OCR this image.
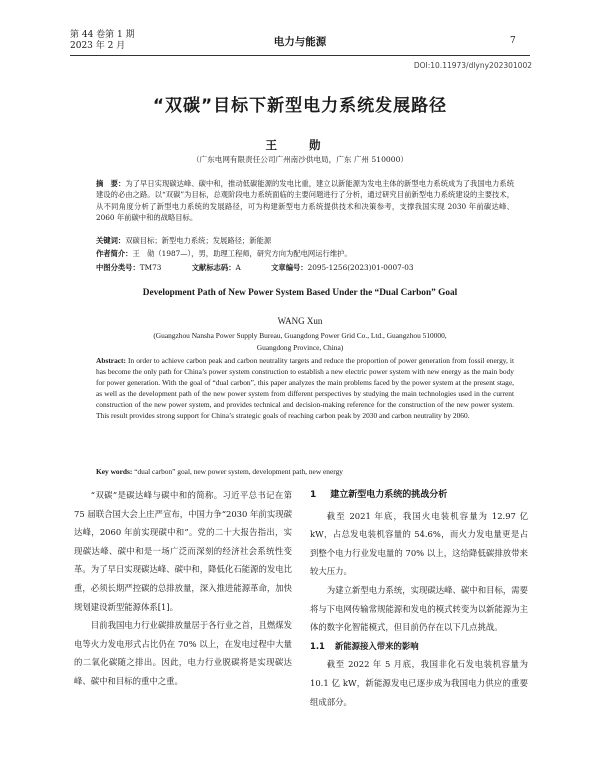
第 44 卷第 1 期
2023 年 2 月	电力与能源	7
DOI:10.11973/dlyny202301002
“双碳”目标下新型电力系统发展路径
王 勋
（广东电网有限责任公司广州南沙供电局，广东 广州 510000）
摘　要：为了早日实现碳达峰、碳中和，推动低碳能源的发电比重，建立以新能源为发电主体的新型电力系统成为了我国电力系统建设的必由之路。以“双碳”为目标，总观阶段电力系统面临的主要问题进行了分析，通过研究目前新型电力系统建设的主要技术，从不同角度分析了新型电力系统的发展路径，可为构建新型电力系统提供技术和决策参考，支撑我国实现 2030 年前碳达峰、2060 年前碳中和的战略目标。
关键词：双碳目标；新型电力系统；发展路径；新能源
作者简介：王　勋（1987—），男，助理工程师，研究方向为配电网运行维护。
中图分类号：TM73	文献标志码：A	文章编号：2095-1256(2023)01-0007-03
Development Path of New Power System Based Under the “Dual Carbon” Goal
WANG Xun
(Guangzhou Nansha Power Supply Bureau, Guangdong Power Grid Co., Ltd., Guangzhou 510000, Guangdong Province, China)
Abstract: In order to achieve carbon peak and carbon neutrality targets and reduce the proportion of power generation from fossil energy, it has become the only path for China’s power system construction to establish a new electric power system with new energy as the main body for power generation. With the goal of “dual carbon”, this paper analyzes the main problems faced by the power system at the present stage, as well as the development path of the new power system from different perspectives by studying the main technologies used in the current construction of the new power system, and provides technical and decision-making reference for the construction of the new power system. This result provides strong support for China’s strategic goals of reaching carbon peak by 2030 and carbon neutrality by 2060.
Key words: “dual carbon” goal, new power system, development path, new energy

“双碳”是碳达峰与碳中和的简称。习近平总书记在第 75 届联合国大会上庄严宣布，中国力争“2030 年前实现碳达峰，2060 年前实现碳中和”。党的二十大报告指出，实现碳达峰、碳中和是一场广泛而深刻的经济社会系统性变革。为了早日实现碳达峰、碳中和，降低化石能源的发电比重，必须长期严控碳的总排放量，深入推进能源革命，加快规划建设新型能源体系[1]。

目前我国电力行业碳排放量居于各行业之首，且燃煤发电等火力发电形式占比仍在 70% 以上，在发电过程中大量的二氧化碳随之排出。因此，电力行业脱碳将是实现碳达峰、碳中和目标的重中之重。

1 建立新型电力系统的挑战分析

截至 2021 年底，我国火电装机容量为 12.97 亿 kW，占总发电装机容量的 54.6%，而火力发电量更是占到整个电力行业发电量的 70% 以上，这给降低碳排放带来较大压力。

为建立新型电力系统，实现碳达峰、碳中和目标，需要将与下电网传输常规能源和发电的模式转变为以新能源为主体的数字化智能模式，但目前仍存在以下几点挑战。

1.1 新能源接入带来的影响

截至 2022 年 5 月底，我国非化石发电装机容量为 10.1 亿 kW，新能源发电已逐步成为我国电力供应的重要组成部分。
